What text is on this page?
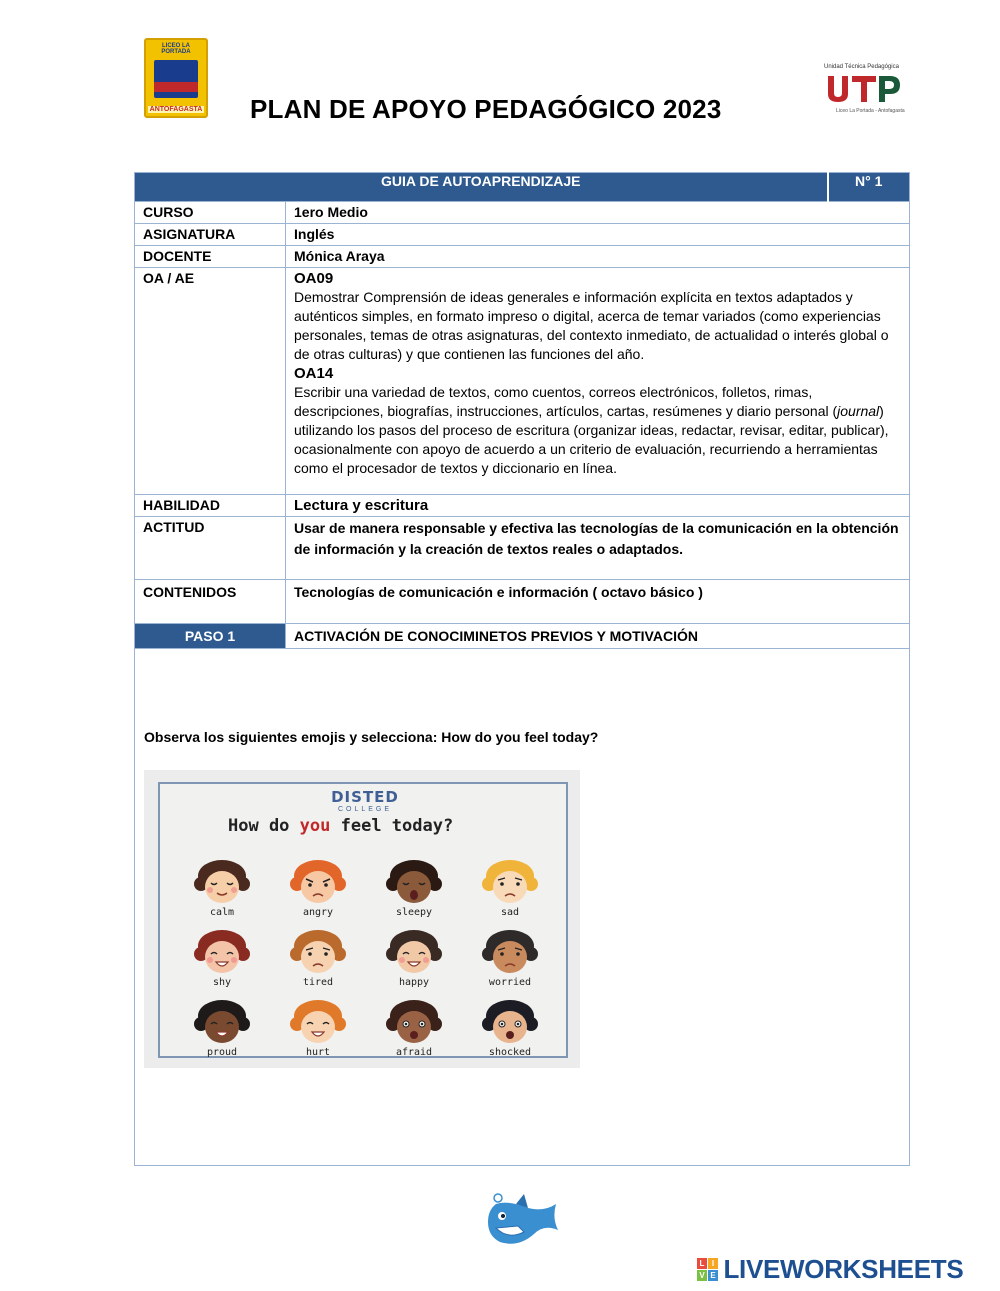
LICEO LA PORTADA
ANTOFAGASTA PLAN DE APOYO PEDAGÓGICO 2023
Unidad Técnica Pedagógica
Liceo La Portada - Antofagasta
GUIA DE AUTOAPRENDIZAJE		N° 1
CURSO	1ero Medio	
ASIGNATURA	Inglés	
DOCENTE	Mónica Araya	
OA / AE	OA09
Demostrar Comprensión de ideas generales e información explícita en textos adaptados y auténticos simples, en formato impreso o digital, acerca de temar variados (como experiencias personales, temas de otras asignaturas, del contexto inmediato, de actualidad o interés global o de otras culturas) y que contienen las funciones del año.
OA14
Escribir una variedad de textos, como cuentos, correos electrónicos, folletos, rimas, descripciones, biografías, instrucciones, artículos, cartas, resúmenes y diario personal (journal) utilizando los pasos del proceso de escritura (organizar ideas, redactar, revisar, editar, publicar), ocasionalmente con apoyo de acuerdo a un criterio de evaluación, recurriendo a herramientas como el procesador de textos y diccionario en línea.	

HABILIDAD	Lectura y escritura	
ACTITUD	Usar de manera responsable y efectiva las tecnologías de la comunicación en la obtención de información y la creación de textos reales o adaptados.	
CONTENIDOS	Tecnologías de comunicación e información ( octavo básico )	
PASO 1	ACTIVACIÓN DE CONOCIMINETOS PREVIOS Y MOTIVACIÓN	
Observa los siguientes emojis y selecciona: How do you feel today?
DISTED
COLLEGE
How do you feel today?
calm	angry	sleepy	sad
shy	tired	happy	worried
proud	hurt	afraid	shocked
L I
V E LIVEWORKSHEETS
